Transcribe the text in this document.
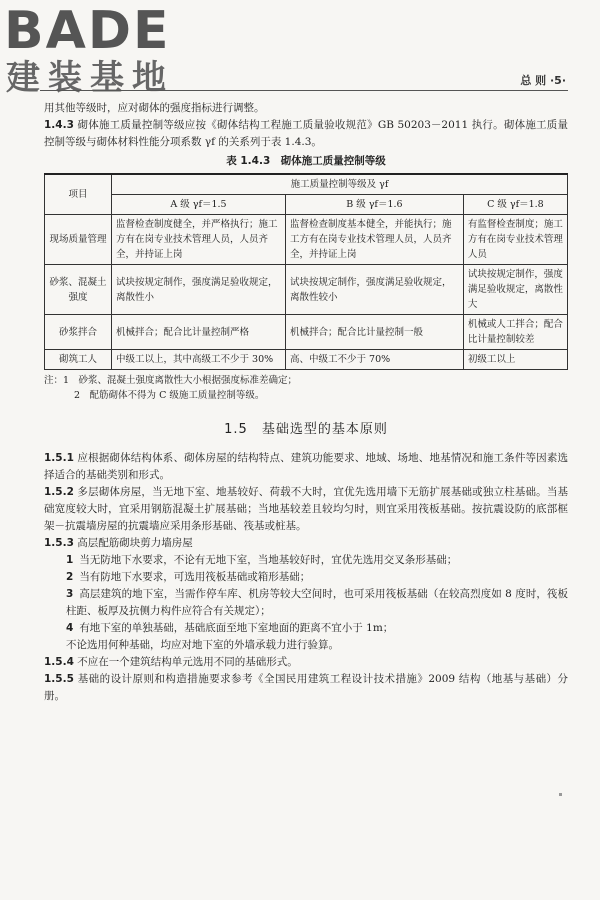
BADE
建装基地	总 则 ·5·

用其他等级时，应对砌体的强度指标进行调整。

1.4.3 砌体施工质量控制等级应按《砌体结构工程施工质量验收规范》GB 50203－2011 执行。砌体施工质量控制等级与砌体材料性能分项系数 γf 的关系列于表 1.4.3。

表 1.4.3　砌体施工质量控制等级
项目	施工质量控制等级及 γf		
	A 级 γf＝1.5	B 级 γf＝1.6	C 级 γf＝1.8
现场质量管理	监督检查制度健全，并严格执行；施工方有在岗专业技术管理人员，人员齐全，并持证上岗	监督检查制度基本健全，并能执行；施工方有在岗专业技术管理人员，人员齐全，并持证上岗	有监督检查制度；施工方有在岗专业技术管理人员
砂浆、混凝土强度	试块按规定制作，强度满足验收规定，离散性小	试块按规定制作，强度满足验收规定，离散性较小	试块按规定制作，强度满足验收规定，离散性大
砂浆拌合	机械拌合；配合比计量控制严格	机械拌合；配合比计量控制一般	机械或人工拌合；配合比计量控制较差
砌筑工人	中级工以上，其中高级工不少于 30%	高、中级工不少于 70%	初级工以上
注：1　砂浆、混凝土强度离散性大小根据强度标准差确定；
2　配筋砌体不得为 C 级施工质量控制等级。
1.5　基础选型的基本原则

1.5.1 应根据砌体结构体系、砌体房屋的结构特点、建筑功能要求、地域、场地、地基情况和施工条件等因素选择适合的基础类别和形式。

1.5.2 多层砌体房屋，当无地下室、地基较好、荷载不大时，宜优先选用墙下无筋扩展基础或独立柱基础。当基础宽度较大时，宜采用钢筋混凝土扩展基础；当地基较差且较均匀时，则宜采用筏板基础。按抗震设防的底部框架－抗震墙房屋的抗震墙应采用条形基础、筏基或桩基。

1.5.3 高层配筋砌块剪力墙房屋

1 当无防地下水要求，不论有无地下室，当地基较好时，宜优先选用交叉条形基础；

2 当有防地下水要求，可选用筏板基础或箱形基础；

3 高层建筑的地下室，当需作停车库、机房等较大空间时，也可采用筏板基础（在较高烈度如 8 度时，筏板柱距、板厚及抗侧力构件应符合有关规定）；

4 有地下室的单独基础，基础底面至地下室地面的距离不宜小于 1m；

不论选用何种基础，均应对地下室的外墙承载力进行验算。

1.5.4 不应在一个建筑结构单元选用不同的基础形式。

1.5.5 基础的设计原则和构造措施要求参考《全国民用建筑工程设计技术措施》2009 结构（地基与基础）分册。
